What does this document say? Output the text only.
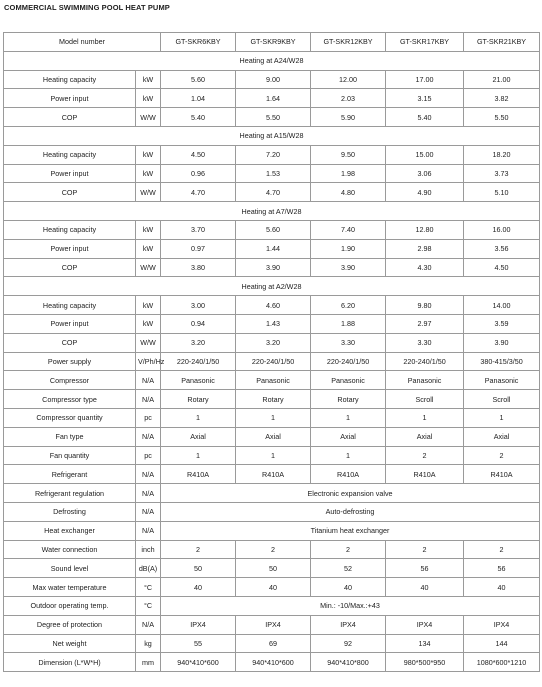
COMMERCIAL SWIMMING POOL HEAT PUMP
Model number		GT-SKR6KBY	GT-SKR9KBY	GT-SKR12KBY	GT-SKR17KBY	GT-SKR21KBY
Heating at A24/W28						
Heating capacity	kW	5.60	9.00	12.00	17.00	21.00
Power input	kW	1.04	1.64	2.03	3.15	3.82
COP	W/W	5.40	5.50	5.90	5.40	5.50
Heating at A15/W28						
Heating capacity	kW	4.50	7.20	9.50	15.00	18.20
Power input	kW	0.96	1.53	1.98	3.06	3.73
COP	W/W	4.70	4.70	4.80	4.90	5.10
Heating at A7/W28						
Heating capacity	kW	3.70	5.60	7.40	12.80	16.00
Power input	kW	0.97	1.44	1.90	2.98	3.56
COP	W/W	3.80	3.90	3.90	4.30	4.50
Heating at A2/W28						
Heating capacity	kW	3.00	4.60	6.20	9.80	14.00
Power input	kW	0.94	1.43	1.88	2.97	3.59
COP	W/W	3.20	3.20	3.30	3.30	3.90
Power supply	V/Ph/Hz	220-240/1/50	220-240/1/50	220-240/1/50	220-240/1/50	380-415/3/50
Compressor	N/A	Panasonic	Panasonic	Panasonic	Panasonic	Panasonic
Compressor type	N/A	Rotary	Rotary	Rotary	Scroll	Scroll
Compressor quantity	pc	1	1	1	1	1
Fan type	N/A	Axial	Axial	Axial	Axial	Axial
Fan quantity	pc	1	1	1	2	2
Refrigerant	N/A	R410A	R410A	R410A	R410A	R410A
Refrigerant regulation	N/A	Electronic expansion valve				
Defrosting	N/A	Auto-defrosting				
Heat exchanger	N/A	Titanium heat exchanger				
Water connection	inch	2	2	2	2	2
Sound level	dB(A)	50	50	52	56	56
Max water temperature	°C	40	40	40	40	40
Outdoor operating temp.	°C	Min.: -10/Max.:+43				
Degree of protection	N/A	IPX4	IPX4	IPX4	IPX4	IPX4
Net weight	kg	55	69	92	134	144
Dimension (L*W*H)	mm	940*410*600	940*410*600	940*410*800	980*500*950	1080*600*1210
